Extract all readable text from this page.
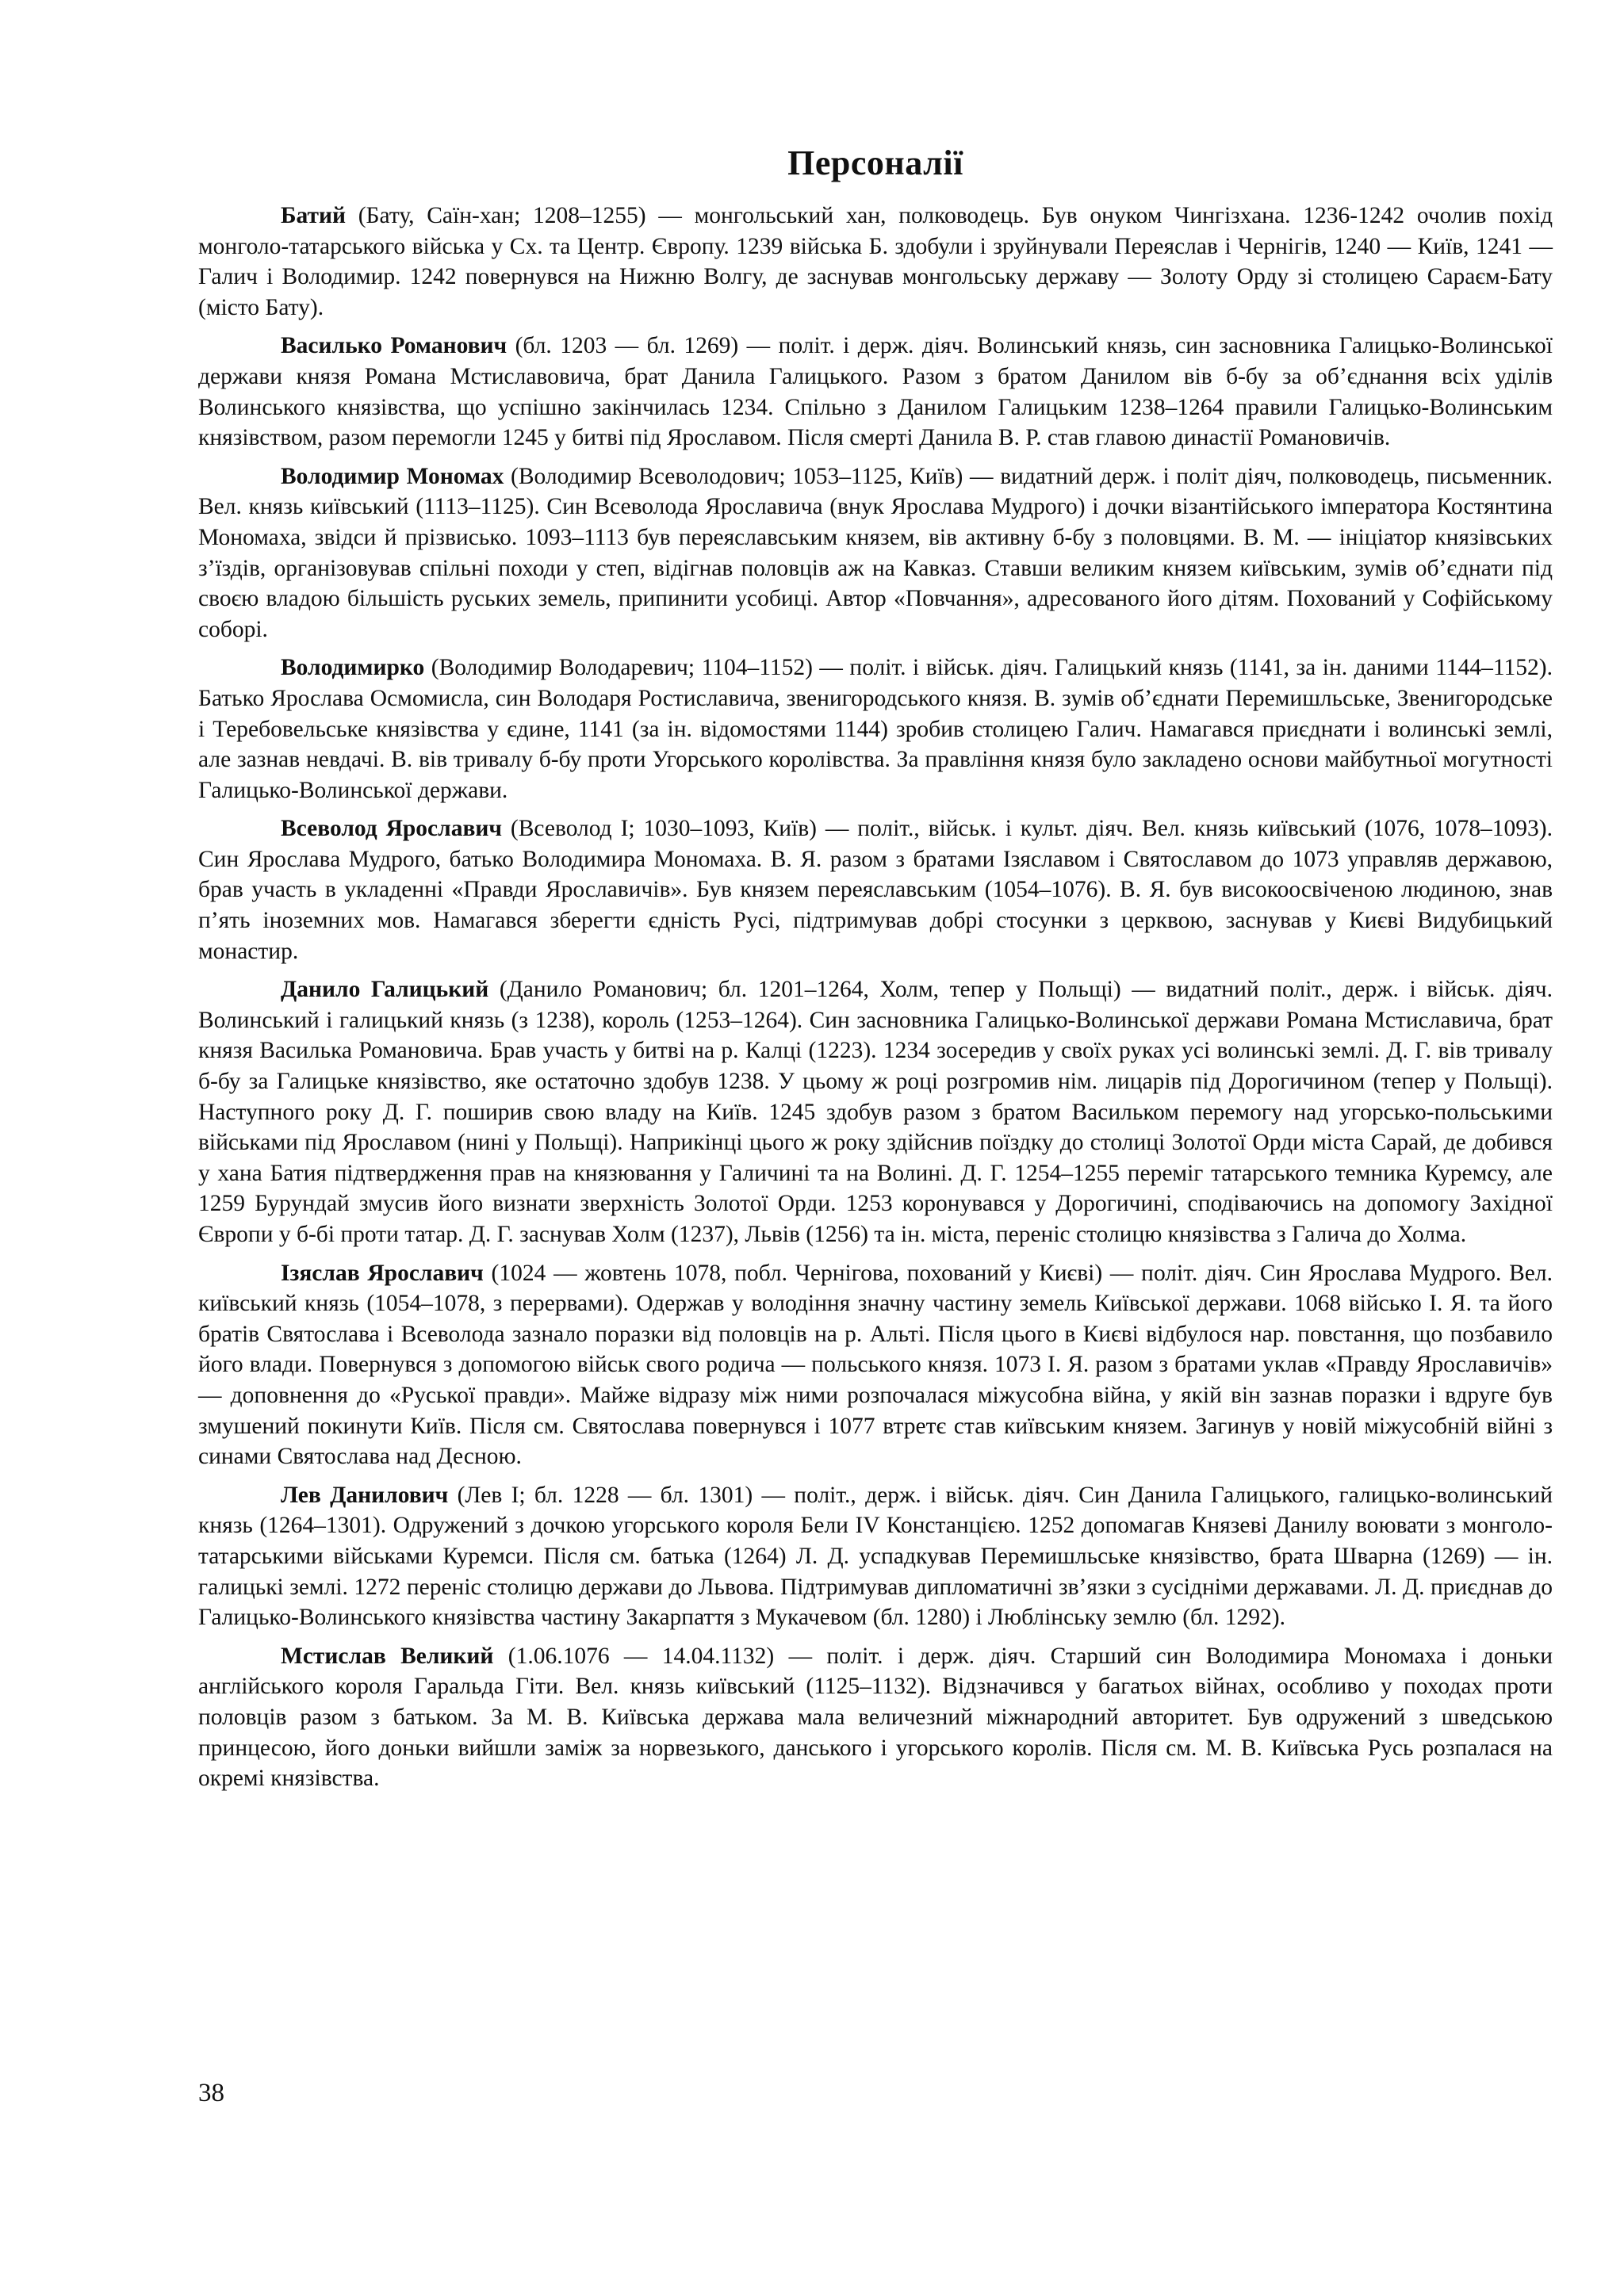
Персоналії

Батий (Бату, Саїн-хан; 1208–1255) — монгольський хан, полководець. Був онуком Чингізхана. 1236-1242 очолив похід монголо-татарського війська у Сх. та Центр. Європу. 1239 війська Б. здобули і зруйнували Переяслав і Чернігів, 1240 — Київ, 1241 — Галич і Володимир. 1242 повернувся на Нижню Волгу, де заснував монгольську державу — Золоту Орду зі столицею Сараєм-Бату (місто Бату).

Василько Романович (бл. 1203 — бл. 1269) — політ. і держ. діяч. Волинський князь, син засновника Галицько-Волинської держави князя Романа Мстиславовича, брат Данила Галицького. Разом з братом Данилом вів б-бу за об’єднання всіх уділів Волинського князівства, що успішно закінчилась 1234. Спільно з Данилом Галицьким 1238–1264 правили Галицько-Волинським князівством, разом перемогли 1245 у битві під Ярославом. Після смерті Данила В. Р. став главою династії Романовичів.

Володимир Мономах (Володимир Всеволодович; 1053–1125, Київ) — видатний держ. і політ діяч, полководець, письменник. Вел. князь київський (1113–1125). Син Всеволода Ярославича (внук Ярослава Мудрого) і дочки візантійського імператора Костянтина Мономаха, звідси й прізвисько. 1093–1113 був переяславським князем, вів активну б-бу з половцями. В. М. — ініціатор князівських з’їздів, організовував спільні походи у степ, відігнав половців аж на Кавказ. Ставши великим князем київським, зумів об’єднати під своєю владою більшість руських земель, припинити усобиці. Автор «Повчання», адресованого його дітям. Похований у Софійському соборі.

Володимирко (Володимир Володаревич; 1104–1152) — політ. і військ. діяч. Галицький князь (1141, за ін. даними 1144–1152). Батько Ярослава Осмомисла, син Володаря Ростиславича, звенигородського князя. В. зумів об’єднати Перемишльське, Звенигородське і Теребовельське князівства у єдине, 1141 (за ін. відомостями 1144) зробив столицею Галич. Намагався приєднати і волинські землі, але зазнав невдачі. В. вів тривалу б-бу проти Угорського королівства. За правління князя було закладено основи майбутньої могутності Галицько-Волинської держави.

Всеволод Ярославич (Всеволод І; 1030–1093, Київ) — політ., військ. і культ. діяч. Вел. князь київський (1076, 1078–1093). Син Ярослава Мудрого, батько Володимира Мономаха. В. Я. разом з братами Ізяславом і Святославом до 1073 управляв державою, брав участь в укладенні «Правди Ярославичів». Був князем переяславським (1054–1076). В. Я. був високоосвіченою людиною, знав п’ять іноземних мов. Намагався зберегти єдність Русі, підтримував добрі стосунки з церквою, заснував у Києві Видубицький монастир.

Данило Галицький (Данило Романович; бл. 1201–1264, Холм, тепер у Польщі) — видатний політ., держ. і військ. діяч. Волинський і галицький князь (з 1238), король (1253–1264). Син засновника Галицько-Волинської держави Романа Мстиславича, брат князя Василька Романовича. Брав участь у битві на р. Калці (1223). 1234 зосередив у своїх руках усі волинські землі. Д. Г. вів тривалу б-бу за Галицьке князівство, яке остаточно здобув 1238. У цьому ж році розгромив нім. лицарів під Дорогичином (тепер у Польщі). Наступного року Д. Г. поширив свою владу на Київ. 1245 здобув разом з братом Васильком перемогу над угорсько-польськими військами під Ярославом (нині у Польщі). Наприкінці цього ж року здійснив поїздку до столиці Золотої Орди міста Сарай, де добився у хана Батия підтвердження прав на князювання у Галичині та на Волині. Д. Г. 1254–1255 переміг татарського темника Куремсу, але 1259 Бурундай змусив його визнати зверхність Золотої Орди. 1253 коронувався у Дорогичині, сподіваючись на допомогу Західної Європи у б-бі проти татар. Д. Г. заснував Холм (1237), Львів (1256) та ін. міста, переніс столицю князівства з Галича до Холма.

Ізяслав Ярославич (1024 — жовтень 1078, побл. Чернігова, похований у Києві) — політ. діяч. Син Ярослава Мудрого. Вел. київський князь (1054–1078, з перервами). Одержав у володіння значну частину земель Київської держави. 1068 військо І. Я. та його братів Святослава і Всеволода зазнало поразки від половців на р. Альті. Після цього в Києві відбулося нар. повстання, що позбавило його влади. Повернувся з допомогою військ свого родича — польського князя. 1073 І. Я. разом з братами уклав «Правду Ярославичів» — доповнення до «Руської правди». Майже відразу між ними розпочалася міжусобна війна, у якій він зазнав поразки і вдруге був змушений покинути Київ. Після см. Святослава повернувся і 1077 втретє став київським князем. Загинув у новій міжусобній війні з синами Святослава над Десною.

Лев Данилович (Лев І; бл. 1228 — бл. 1301) — політ., держ. і військ. діяч. Син Данила Галицького, галицько-волинський князь (1264–1301). Одружений з дочкою угорського короля Бели IV Констанцією. 1252 допомагав Князеві Данилу воювати з монголо-татарськими військами Куремси. Після см. батька (1264) Л. Д. успадкував Перемишльське князівство, брата Шварна (1269) — ін. галицькі землі. 1272 переніс столицю держави до Львова. Підтримував дипломатичні зв’язки з сусідніми державами. Л. Д. приєднав до Галицько-Волинського князівства частину Закарпаття з Мукачевом (бл. 1280) і Люблінську землю (бл. 1292).

Мстислав Великий (1.06.1076 — 14.04.1132) — політ. і держ. діяч. Старший син Володимира Мономаха і доньки англійського короля Гаральда Гіти. Вел. князь київський (1125–1132). Відзначився у багатьох війнах, особливо у походах проти половців разом з батьком. За М. В. Київська держава мала величезний міжнародний авторитет. Був одружений з шведською принцесою, його доньки вийшли заміж за норвезького, данського і угорського королів. Після см. М. В. Київська Русь розпалася на окремі князівства.

38
